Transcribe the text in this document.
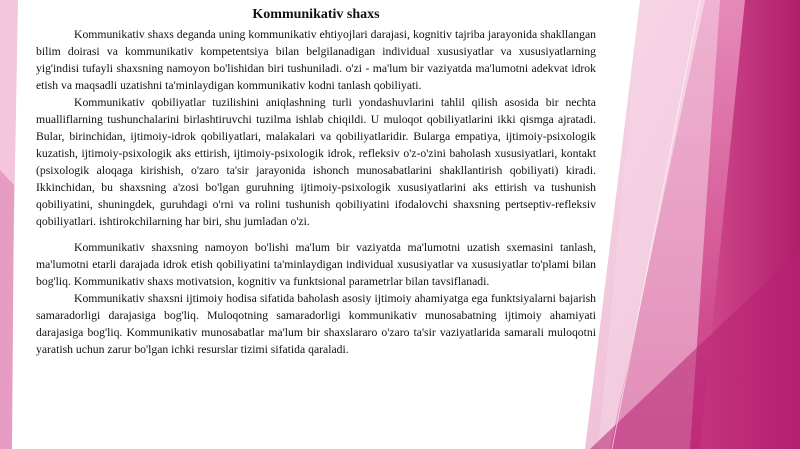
Kommunikativ shaxs

Kommunikativ shaxs deganda uning kommunikativ ehtiyojlari darajasi, kognitiv tajriba jarayonida shakllangan bilim doirasi va kommunikativ kompetentsiya bilan belgilanadigan individual xususiyatlar va xususiyatlarning yig'indisi tufayli shaxsning namoyon bo'lishidan biri tushuniladi. o'zi - ma'lum bir vaziyatda ma'lumotni adekvat idrok etish va maqsadli uzatishni ta'minlaydigan kommunikativ kodni tanlash qobiliyati.

Kommunikativ qobiliyatlar tuzilishini aniqlashning turli yondashuvlarini tahlil qilish asosida bir nechta mualliflarning tushunchalarini birlashtiruvchi tuzilma ishlab chiqildi. U muloqot qobiliyatlarini ikki qismga ajratadi. Bular, birinchidan, ijtimoiy-idrok qobiliyatlari, malakalari va qobiliyatlaridir. Bularga empatiya, ijtimoiy-psixologik kuzatish, ijtimoiy-psixologik aks ettirish, ijtimoiy-psixologik idrok, refleksiv o'z-o'zini baholash xususiyatlari, kontakt (psixologik aloqaga kirishish, o'zaro ta'sir jarayonida ishonch munosabatlarini shakllantirish qobiliyati) kiradi. Ikkinchidan, bu shaxsning a'zosi bo'lgan guruhning ijtimoiy-psixologik xususiyatlarini aks ettirish va tushunish qobiliyatini, shuningdek, guruhdagi o'rni va rolini tushunish qobiliyatini ifodalovchi shaxsning pertseptiv-refleksiv qobiliyatlari. ishtirokchilarning har biri, shu jumladan o'zi.

Kommunikativ shaxsning namoyon bo'lishi ma'lum bir vaziyatda ma'lumotni uzatish sxemasini tanlash, ma'lumotni etarli darajada idrok etish qobiliyatini ta'minlaydigan individual xususiyatlar va xususiyatlar to'plami bilan bog'liq. Kommunikativ shaxs motivatsion, kognitiv va funktsional parametrlar bilan tavsiflanadi.

Kommunikativ shaxsni ijtimoiy hodisa sifatida baholash asosiy ijtimoiy ahamiyatga ega funktsiyalarni bajarish samaradorligi darajasiga bog'liq. Muloqotning samaradorligi kommunikativ munosabatning ijtimoiy ahamiyati darajasiga bog'liq. Kommunikativ munosabatlar ma'lum bir shaxslararo o'zaro ta'sir vaziyatlarida samarali muloqotni yaratish uchun zarur bo'lgan ichki resurslar tizimi sifatida qaraladi.
